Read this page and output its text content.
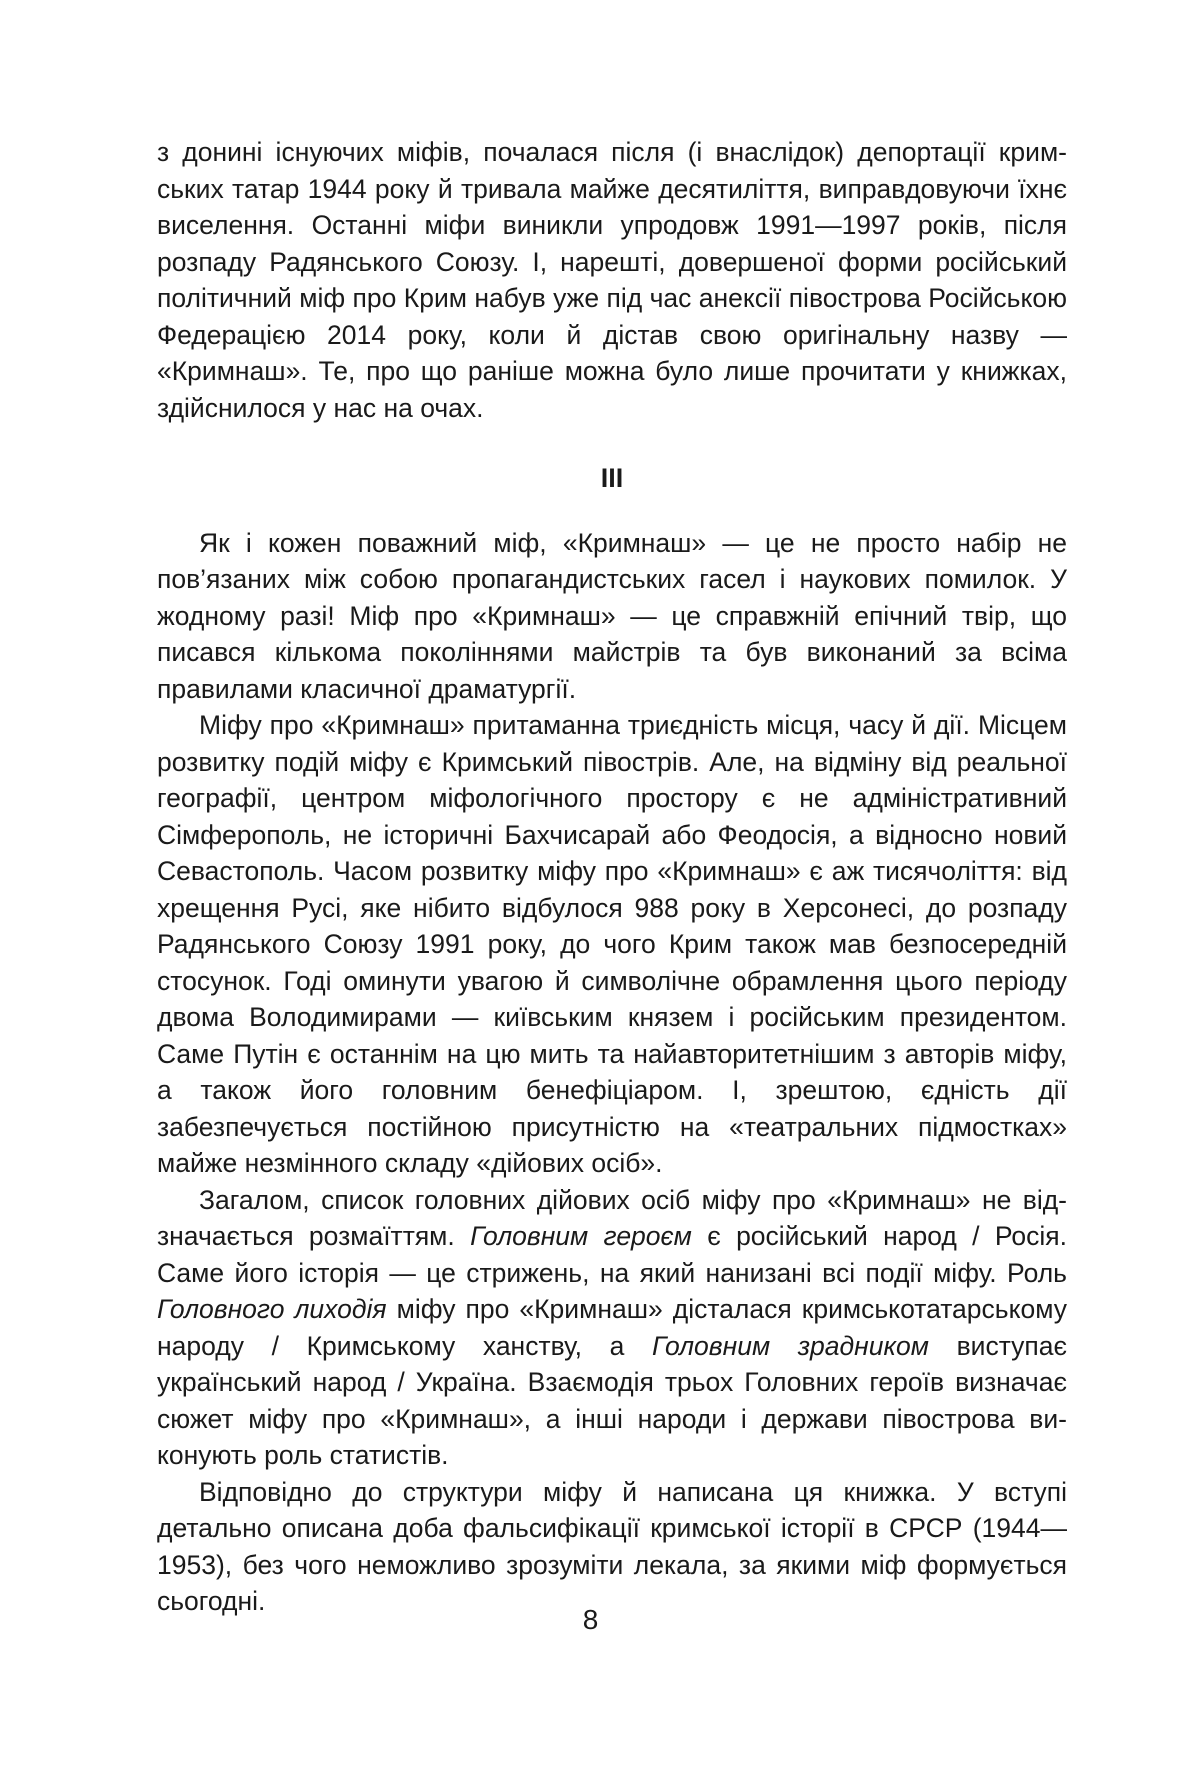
з донині існуючих міфів, почалася після (і внаслідок) депортації кримських татар 1944 року й тривала майже десятиліття, виправдовуючи їхнє виселення. Останні міфи виникли упродовж 1991—1997 років, після розпаду Радянського Союзу. І, нарешті, довершеної форми російський політичний міф про Крим набув уже під час анексії півострова Російською Федерацією 2014 року, коли й дістав свою оригінальну назву — «Кримнаш». Те, про що раніше можна було лише прочитати у книжках, здійснилося у нас на очах.

III

Як і кожен поважний міф, «Кримнаш» — це не просто набір не пов’язаних між собою пропагандистських гасел і наукових помилок. У жодному разі! Міф про «Кримнаш» — це справжній епічний твір, що писався кількома поколіннями майстрів та був виконаний за всіма правилами класичної драматургії.

Міфу про «Кримнаш» притаманна триєдність місця, часу й дії. Місцем розвитку подій міфу є Кримський півострів. Але, на відміну від реальної географії, центром міфологічного простору є не адміністративний Сімферополь, не історичні Бахчисарай або Феодосія, а відносно новий Севастополь. Часом розвитку міфу про «Кримнаш» є аж тисячоліття: від хрещення Русі, яке нібито відбулося 988 року в Херсонесі, до розпаду Радянського Союзу 1991 року, до чого Крим також мав безпосередній стосунок. Годі оминути увагою й символічне обрамлення цього періоду двома Володимирами — київським князем і російським президентом. Саме Путін є останнім на цю мить та найавторитетнішим з авторів міфу, а також його головним бенефіціаром. І, зрештою, єдність дії забезпечується постійною присутністю на «театральних підмостках» майже незмінного складу «дійових осіб».

Загалом, список головних дійових осіб міфу про «Кримнаш» не відзначається розмаїттям. Головним героєм є російський народ / Росія. Саме його історія — це стрижень, на який нанизані всі події міфу. Роль Головного лиходія міфу про «Кримнаш» дісталася кримськотатарському народу / Кримському ханству, а Головним зрадником виступає український народ / Україна. Взаємодія трьох Головних героїв визначає сюжет міфу про «Кримнаш», а інші народи і держави півострова виконують роль статистів.

Відповідно до структури міфу й написана ця книжка. У вступі детально описана доба фальсифікації кримської історії в СРСР (1944—1953), без чого неможливо зрозуміти лекала, за якими міф формується сьогодні.

8
